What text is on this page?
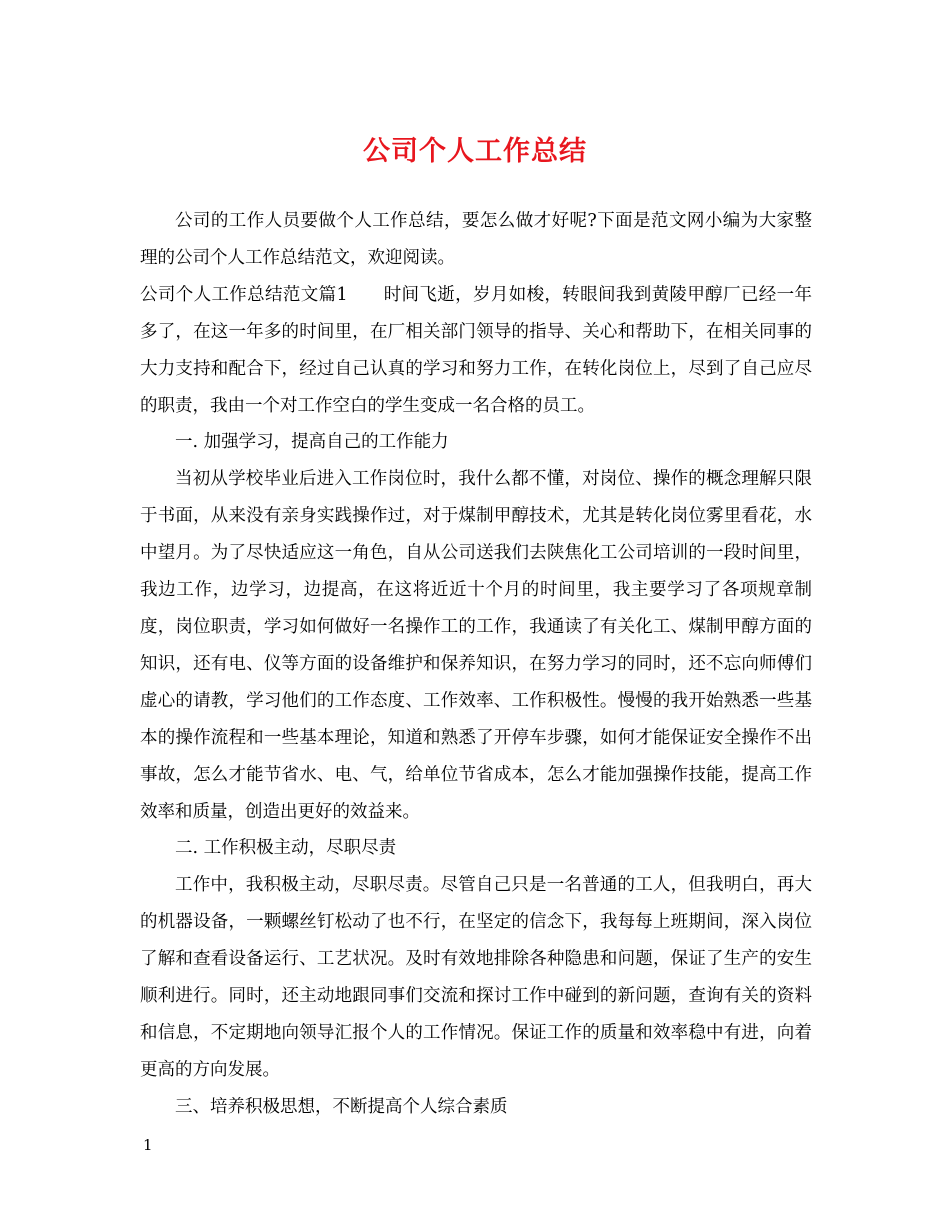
公司个人工作总结

公司的工作人员要做个人工作总结，要怎么做才好呢?下面是范文网小编为大家整理的公司个人工作总结范文，欢迎阅读。

公司个人工作总结范文篇1　　时间飞逝，岁月如梭，转眼间我到黄陵甲醇厂已经一年多了，在这一年多的时间里，在厂相关部门领导的指导、关心和帮助下，在相关同事的大力支持和配合下，经过自己认真的学习和努力工作，在转化岗位上，尽到了自己应尽的职责，我由一个对工作空白的学生变成一名合格的员工。

一. 加强学习，提高自己的工作能力

当初从学校毕业后进入工作岗位时，我什么都不懂，对岗位、操作的概念理解只限于书面，从来没有亲身实践操作过，对于煤制甲醇技术，尤其是转化岗位雾里看花，水中望月。为了尽快适应这一角色，自从公司送我们去陕焦化工公司培训的一段时间里，我边工作，边学习，边提高，在这将近近十个月的时间里，我主要学习了各项规章制度，岗位职责，学习如何做好一名操作工的工作，我通读了有关化工、煤制甲醇方面的知识，还有电、仪等方面的设备维护和保养知识，在努力学习的同时，还不忘向师傅们虚心的请教，学习他们的工作态度、工作效率、工作积极性。慢慢的我开始熟悉一些基本的操作流程和一些基本理论，知道和熟悉了开停车步骤，如何才能保证安全操作不出事故，怎么才能节省水、电、气，给单位节省成本，怎么才能加强操作技能，提高工作效率和质量，创造出更好的效益来。

二. 工作积极主动，尽职尽责

工作中，我积极主动，尽职尽责。尽管自己只是一名普通的工人，但我明白，再大的机器设备，一颗螺丝钉松动了也不行，在坚定的信念下，我每每上班期间，深入岗位了解和查看设备运行、工艺状况。及时有效地排除各种隐患和问题，保证了生产的安生顺利进行。同时，还主动地跟同事们交流和探讨工作中碰到的新问题，查询有关的资料和信息，不定期地向领导汇报个人的工作情况。保证工作的质量和效率稳中有进，向着更高的方向发展。

三、培养积极思想，不断提高个人综合素质

1
